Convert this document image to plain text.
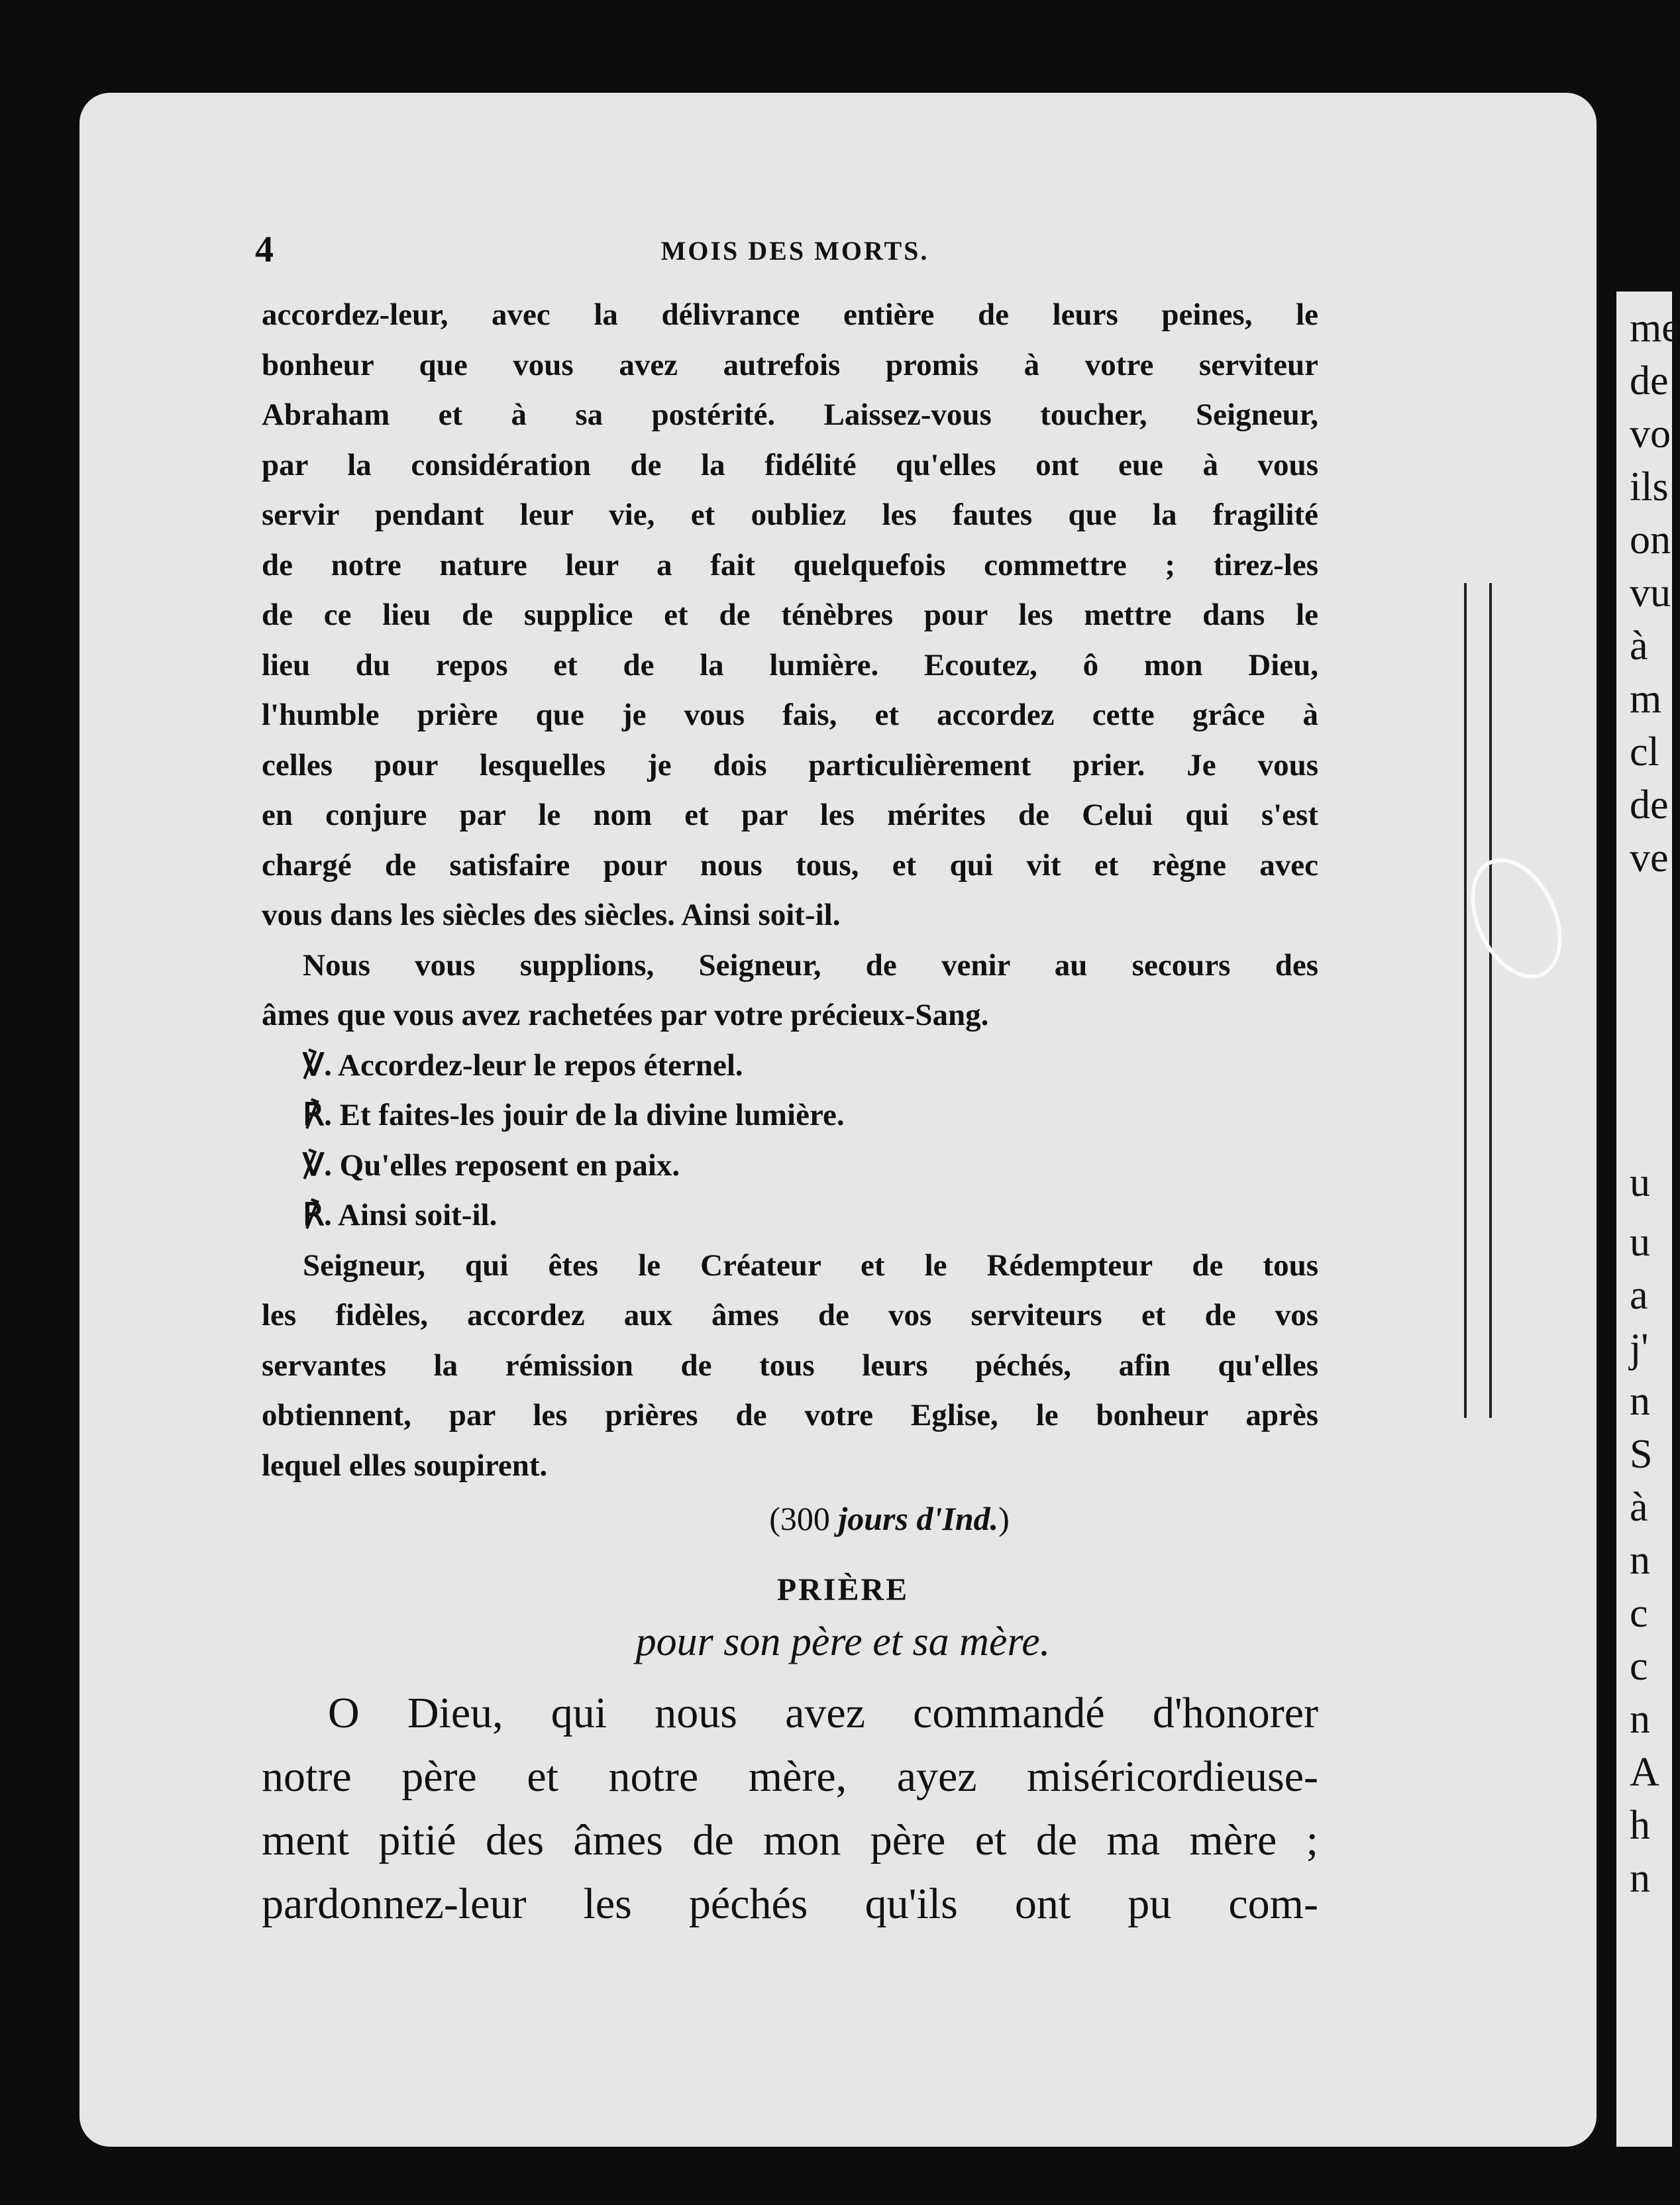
4	MOIS DES MORTS.

accordez-leur, avec la délivrance entière de leurs peines, le

bonheur que vous avez autrefois promis à votre serviteur

Abraham et à sa postérité. Laissez-vous toucher, Seigneur,

par la considération de la fidélité qu'elles ont eue à vous

servir pendant leur vie, et oubliez les fautes que la fragilité

de notre nature leur a fait quelquefois commettre ; tirez-les

de ce lieu de supplice et de ténèbres pour les mettre dans le

lieu du repos et de la lumière. Ecoutez, ô mon Dieu,

l'humble prière que je vous fais, et accordez cette grâce à

celles pour lesquelles je dois particulièrement prier. Je vous

en conjure par le nom et par les mérites de Celui qui s'est

chargé de satisfaire pour nous tous, et qui vit et règne avec

vous dans les siècles des siècles. Ainsi soit-il.

Nous vous supplions, Seigneur, de venir au secours des

âmes que vous avez rachetées par votre précieux-Sang.

℣. Accordez-leur le repos éternel.

℟. Et faites-les jouir de la divine lumière.

℣. Qu'elles reposent en paix.

℟. Ainsi soit-il.

Seigneur, qui êtes le Créateur et le Rédempteur de tous

les fidèles, accordez aux âmes de vos serviteurs et de vos

servantes la rémission de tous leurs péchés, afin qu'elles

obtiennent, par les prières de votre Eglise, le bonheur après

lequel elles soupirent.

(300 jours d'Ind.)
PRIÈRE
pour son père et sa mère.

O Dieu, qui nous avez commandé d'honorer

notre père et notre mère, ayez miséricordieuse-

ment pitié des âmes de mon père et de ma mère ;

pardonnez-leur les péchés qu'ils ont pu com-

me
de
vo
ils
on
vu
à
m
cl
de
ve
u
u
a
j'
n
S
à
n
c
c
n
A
h
n
